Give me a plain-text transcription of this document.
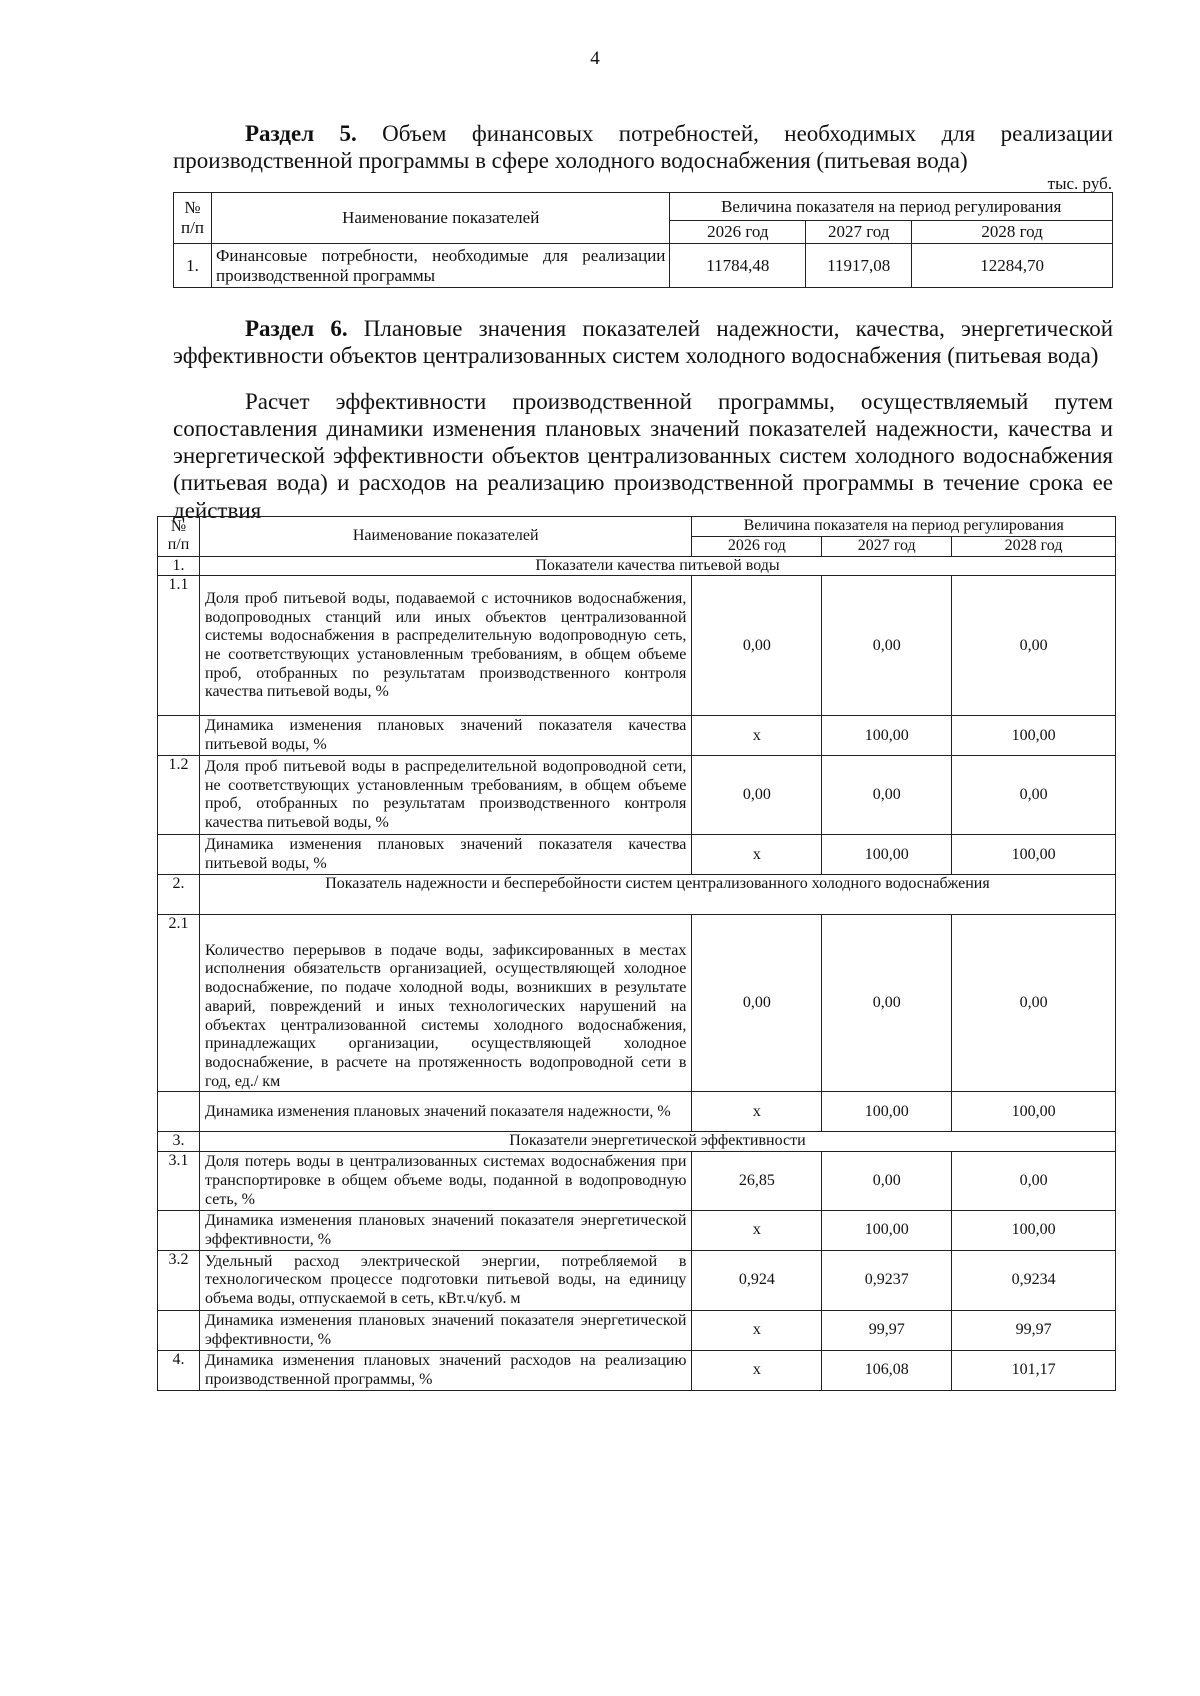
4

Раздел 5. Объем финансовых потребностей, необходимых для реализации производственной программы в сфере холодного водоснабжения (питьевая вода)

тыс. руб.
№ п/п	Наименование показателей	Величина показателя на период регулирования		
		2026 год	2027 год	2028 год
1.	Финансовые потребности, необходимые для реализации производственной программы	11784,48	11917,08	12284,70

Раздел 6. Плановые значения показателей надежности, качества, энергетической эффективности объектов централизованных систем холодного водоснабжения (питьевая вода)

Расчет эффективности производственной программы, осуществляемый путем сопоставления динамики изменения плановых значений показателей надежности, качества и энергетической эффективности объектов централизованных систем холодного водоснабжения (питьевая вода) и расходов на реализацию производственной программы в течение срока ее действия

№ п/п	Наименование показателей	Величина показателя на период регулирования		
		2026 год	2027 год	2028 год
1.	Показатели качества питьевой воды			
1.1	Доля проб питьевой воды, подаваемой с источников водоснабжения, водопроводных станций или иных объектов централизованной системы водоснабжения в распределительную водопроводную сеть, не соответствующих установленным требованиям, в общем объеме проб, отобранных по результатам производственного контроля качества питьевой воды, %	0,00	0,00	0,00
	Динамика изменения плановых значений показателя качества питьевой воды, %	x	100,00	100,00
1.2	Доля проб питьевой воды в распределительной водопроводной сети, не соответствующих установленным требованиям, в общем объеме проб, отобранных по результатам производственного контроля качества питьевой воды, %	0,00	0,00	0,00
	Динамика изменения плановых значений показателя качества питьевой воды, %	x	100,00	100,00
2.	Показатель надежности и бесперебойности систем централизованного холодного водоснабжения			
2.1	Количество перерывов в подаче воды, зафиксированных в местах исполнения обязательств организацией, осуществляющей холодное водоснабжение, по подаче холодной воды, возникших в результате аварий, повреждений и иных технологических нарушений на объектах централизованной системы холодного водоснабжения, принадлежащих организации, осуществляющей холодное водоснабжение, в расчете на протяженность водопроводной сети в год, ед./ км	0,00	0,00	0,00
	Динамика изменения плановых значений показателя надежности, %	x	100,00	100,00
3.	Показатели энергетической эффективности			
3.1	Доля потерь воды в централизованных системах водоснабжения при транспортировке в общем объеме воды, поданной в водопроводную сеть, %	26,85	0,00	0,00
	Динамика изменения плановых значений показателя энергетической эффективности, %	x	100,00	100,00
3.2	Удельный расход электрической энергии, потребляемой в технологическом процессе подготовки питьевой воды, на единицу объема воды, отпускаемой в сеть, кВт.ч/куб. м	0,924	0,9237	0,9234
	Динамика изменения плановых значений показателя энергетической эффективности, %	x	99,97	99,97
4.	Динамика изменения плановых значений расходов на реализацию производственной программы, %	x	106,08	101,17
